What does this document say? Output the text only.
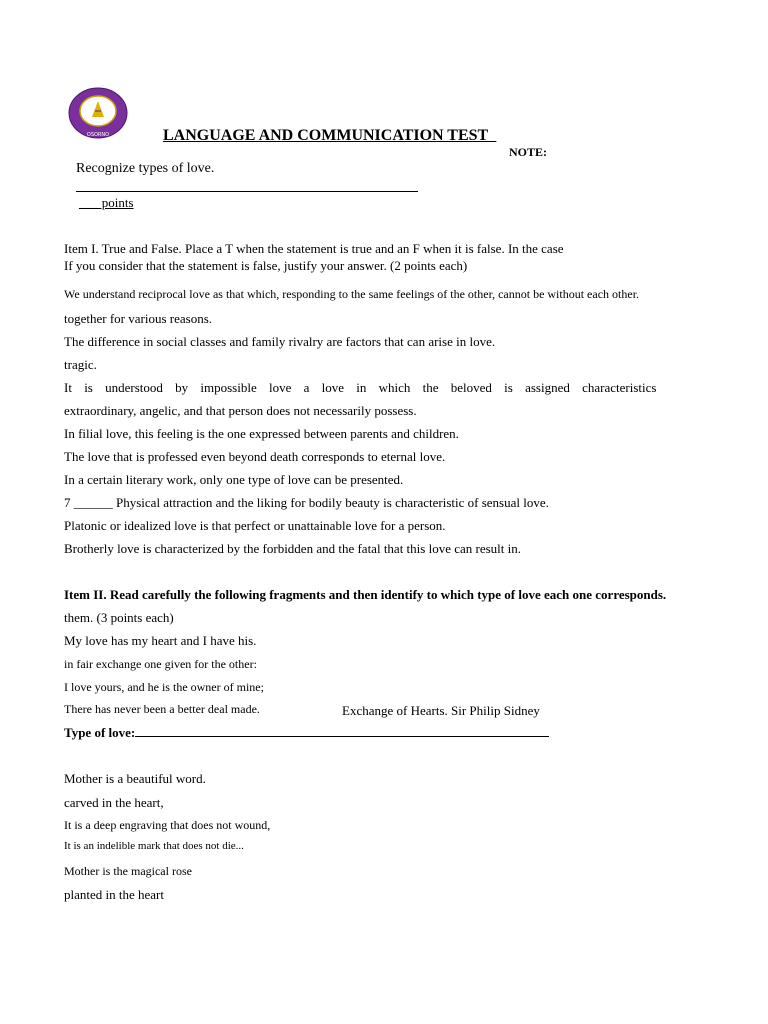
OSORNO	LANGUAGE AND COMMUNICATION TEST
NOTE:
Recognize types of love.
___ points
Item I. True and False. Place a T when the statement is true and an F when it is false. In the case
If you consider that the statement is false, justify your answer. (2 points each)
We understand reciprocal love as that which, responding to the same feelings of the other, cannot be without each other.
together for various reasons.
The difference in social classes and family rivalry are factors that can arise in love.
tragic.
It is understood by impossible love a love in which the beloved is assigned characteristics
extraordinary, angelic, and that person does not necessarily possess.
In filial love, this feeling is the one expressed between parents and children.
The love that is professed even beyond death corresponds to eternal love.
In a certain literary work, only one type of love can be presented.
7 ______ Physical attraction and the liking for bodily beauty is characteristic of sensual love.
Platonic or idealized love is that perfect or unattainable love for a person.
Brotherly love is characterized by the forbidden and the fatal that this love can result in.
Item II. Read carefully the following fragments and then identify to which type of love each one corresponds.
them. (3 points each)
My love has my heart and I have his.
in fair exchange one given for the other:
I love yours, and he is the owner of mine;
There has never been a better deal made.	Exchange of Hearts. Sir Philip Sidney
Type of love:
Mother is a beautiful word.
carved in the heart,
It is a deep engraving that does not wound,
It is an indelible mark that does not die...
Mother is the magical rose
planted in the heart
